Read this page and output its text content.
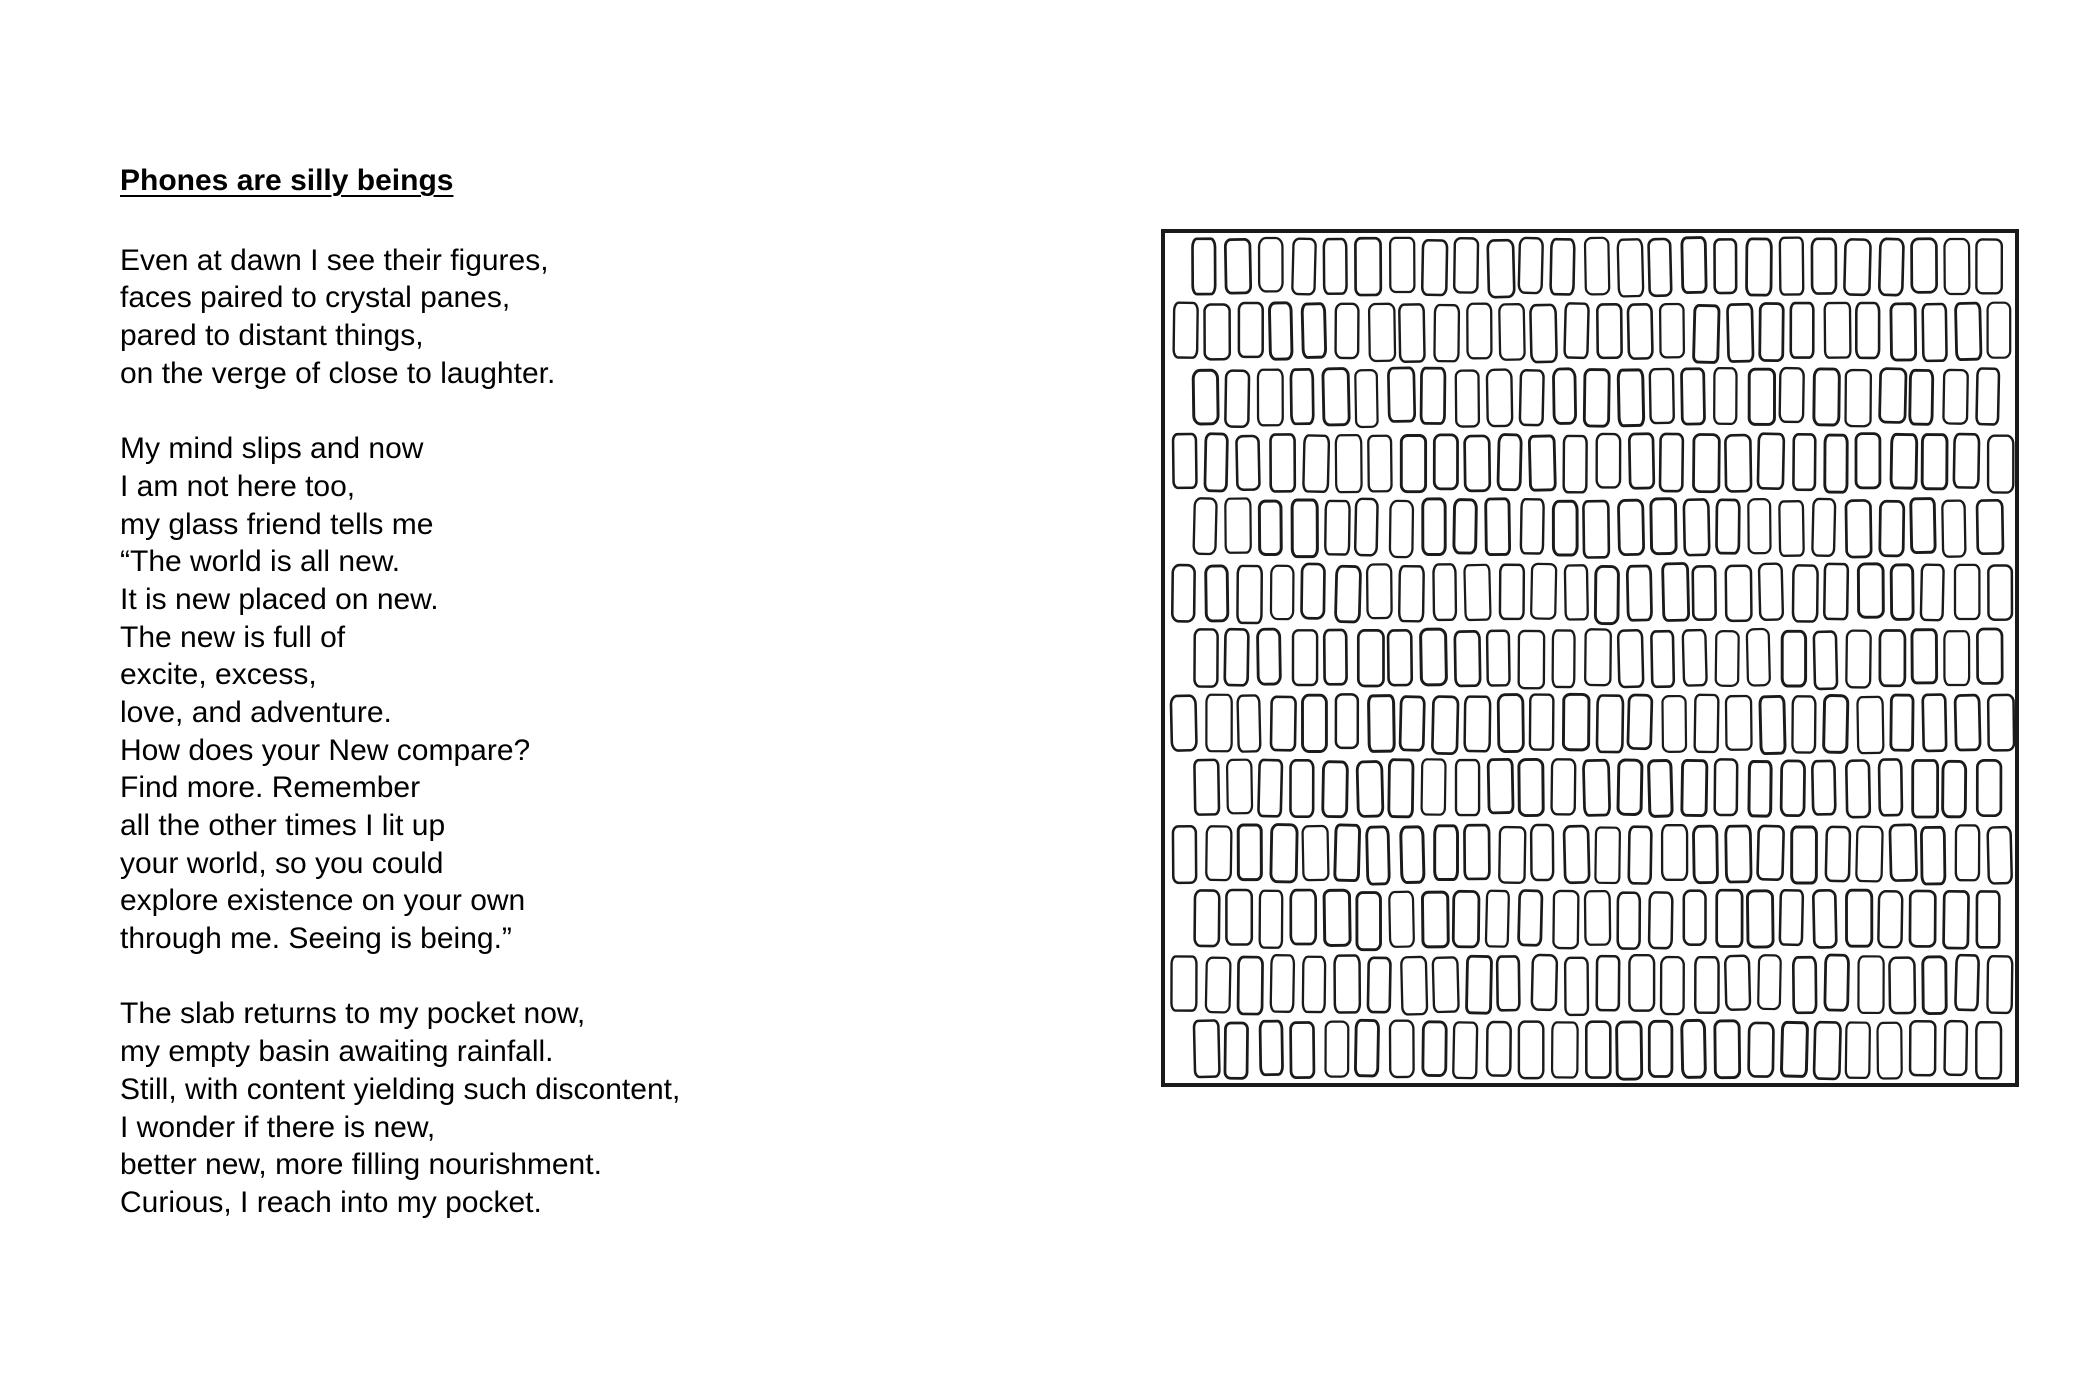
Phones are silly beings
Even at dawn I see their figures,
faces paired to crystal panes,
pared to distant things,
on the verge of close to laughter.
My mind slips and now
I am not here too,
my glass friend tells me
“The world is all new.
It is new placed on new.
The new is full of
excite, excess,
love, and adventure.
How does your New compare?
Find more. Remember
all the other times I lit up
your world, so you could
explore existence on your own
through me. Seeing is being.”
The slab returns to my pocket now,
my empty basin awaiting rainfall.
Still, with content yielding such discontent,
I wonder if there is new,
better new, more filling nourishment.
Curious, I reach into my pocket.
